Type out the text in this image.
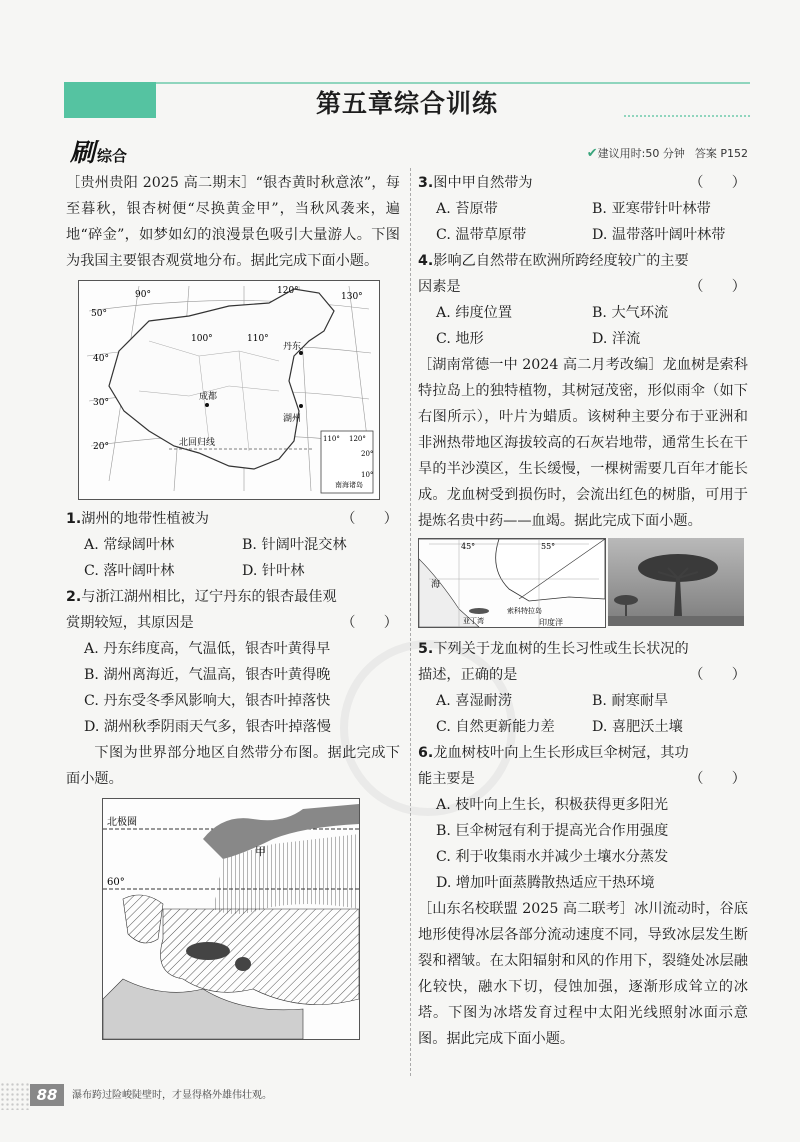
第五章综合训练
刷综合	✔建议用时:50 分钟 答案 P152

［贵州贵阳 2025 高二期末］“银杏黄时秋意浓”，每至暮秋，银杏树便“尽换黄金甲”，当秋风袭来，遍地“碎金”，如梦如幻的浪漫景色吸引大量游人。下图为我国主要银杏观赏地分布。据此完成下面小题。

50°
40°
30°
20°
90°
100°	110°
120°
130°
丹东
湖州
成都
北回归线	110° 120°
20°
10°
南海诸岛
1.湖州的地带性植被为	（　　）
A. 常绿阔叶林	B. 针阔叶混交林
C. 落叶阔叶林	D. 针叶林
2.与浙江湖州相比，辽宁丹东的银杏最佳观赏期较短，其原因是	（　　）
A. 丹东纬度高，气温低，银杏叶黄得早
B. 湖州离海近，气温高，银杏叶黄得晚
C. 丹东受冬季风影响大，银杏叶掉落快
D. 湖州秋季阴雨天气多，银杏叶掉落慢

下图为世界部分地区自然带分布图。据此完成下面小题。

北极圈
甲
60°
3.图中甲自然带为	（　　）
A. 苔原带	B. 亚寒带针叶林带
C. 温带草原带	D. 温带落叶阔叶林带
4.影响乙自然带在欧洲所跨经度较广的主要因素是	（　　）
A. 纬度位置	B. 大气环流
C. 地形	D. 洋流

［湖南常德一中 2024 高二月考改编］龙血树是索科特拉岛上的独特植物，其树冠茂密，形似雨伞（如下右图所示），叶片为蜡质。该树种主要分布于亚洲和非洲热带地区海拔较高的石灰岩地带，通常生长在干旱的半沙漠区，生长缓慢，一棵树需要几百年才能长成。龙血树受到损伤时，会流出红色的树脂，可用于提炼名贵中药——血竭。据此完成下面小题。

45°	55°
海
索科特拉岛
亚丁湾	印度洋
5.下列关于龙血树的生长习性或生长状况的描述，正确的是	（　　）
A. 喜湿耐涝	B. 耐寒耐旱
C. 自然更新能力差	D. 喜肥沃土壤
6.龙血树枝叶向上生长形成巨伞树冠，其功能主要是	（　　）
A. 枝叶向上生长，积极获得更多阳光
B. 巨伞树冠有利于提高光合作用强度
C. 利于收集雨水并减少土壤水分蒸发
D. 增加叶面蒸腾散热适应干热环境

［山东名校联盟 2025 高二联考］冰川流动时，谷底地形使得冰层各部分流动速度不同，导致冰层发生断裂和褶皱。在太阳辐射和风的作用下，裂缝处冰层融化较快，融水下切，侵蚀加强，逐渐形成耸立的冰塔。下图为冰塔发育过程中太阳光线照射冰面示意图。据此完成下面小题。

88	瀑布跨过险峻陡壁时，才显得格外雄伟壮观。
